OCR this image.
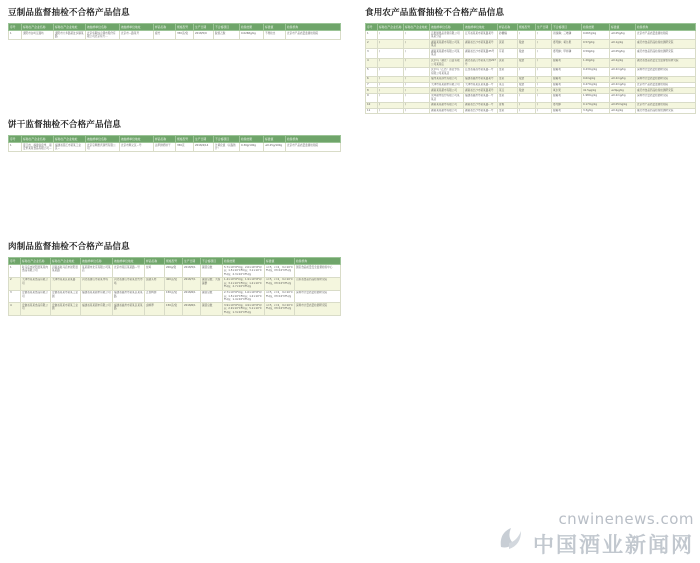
豆制品监督抽检不合格产品信息
序号	标称生产企业名称	标称生产企业地址	被抽样单位名称	被抽样单位地址	样品名称	规格型号	生产日期	不合格项目	检验结果	标准值	检验机构
1	溧阳市白岭豆腐坊	溧阳市大华路某处乡镇某路	北京华联综合超市股份有限公司北京东方...	北京市...路某号	腐竹	350克/袋	2018/5/9	脱氢乙酸	0.0268g/kg	不得检出	北京市产品质量监督检验院
饼干监督抽检不合格产品信息
序号	标称生产企业名称	标称生产企业地址	被抽样单位名称	被抽样单位地址	样品名称	规格型号	生产日期	不合格项目	检验结果	标准值	检验机构
1	晋江市、福建省泉州、南安市某某食品有限公司...	福建省晋江市某某工业区...	北京京顺惠宾商贸有限公司	北京市顺义区...号	法甲鲜奶饼干	350克	2018/4/14	过氧化值（以脂肪计）	0.30g/100g	≤0.25g/100g	北京市产品质量监督检验院
肉制品监督抽检不合格产品信息
序号	标称生产企业名称	标称生产企业地址	被抽样单位名称	被抽样单位地址	样品名称	规格型号	生产日期	不合格项目	检验结果	标准值	检验机构
1	驻马店市泌阳县某某肉食品有限公司	河南省驻马店市泌阳县某某路	某某超市北京有限公司某店	北京市某区某某路...号	烧鸡	200g/袋	2018/5/1	菌落总数	5.7×10⁴CFU/g；2.6×10⁴CFU/g；1.5×10⁴CFU/g；3.1×10⁴CFU/g；2.3×10⁴CFU/g	n=5，c=2，m=10⁴CFU/g，M=10⁵CFU/g	国家食品质量安全监督检验中心
2	天津市某某食品有限公司	天津市某某区某某路	河北省唐山市某某市场	河北省唐山市某某农贸市场	卤猪头肉	400克/袋	2018/7/1	菌落总数；大肠菌群	1.4×10⁶CFU/g；1.9×10⁵CFU/g；3.1×10⁵CFU/g；1.2×10⁵CFU/g；2.7×10⁵CFU/g	n=5，c=2，m=10⁴CFU/g，M=10⁵CFU/g	山东省食品药品检验研究院
3	安徽省某某食品有限公司	安徽省某某市某某工业园	福建省某某超市有限公司	福建省福州市某某区某某路	五香鸭翅	150克/袋	2018/6/1	菌落总数	2.7×10⁵CFU/g；1.6×10⁵CFU/g；1.5×10⁵CFU/g；1.2×10⁵CFU/g；1.4×10⁵CFU/g	n=5，c=2，m=10⁴CFU/g，M=10⁵CFU/g	深圳市计量质量检测研究院
4	安徽省某某食品有限公司	安徽省某某市某某工业园	福建省某某超市有限公司	福建省福州市某某区某某路	卤鸭脖	150克/袋	2018/6/1	菌落总数	3.9×10⁵CFU/g；4.9×10⁵CFU/g；2.9×10⁵CFU/g；5.1×10⁵CFU/g；1.3×10⁵CFU/g	n=5，c=2，m=10⁴CFU/g，M=10⁵CFU/g	深圳市计量质量检测研究院
食用农产品监督抽检不合格产品信息
序号	标称生产企业名称	标称生产企业地址	被抽样单位名称	被抽样单位地址	样品名称	规格型号	生产日期	不合格项目	检验结果	标准值	检验机构
1	/	/	百果园果品连锁有限公司某某分店	江苏省某某市某某路某号	砂糖橘	/	/	丙溴磷；三唑磷	0.067g/kg	≤0.05g/kg	北京市产品质量监督检验院
2	/	/	湖南某某超市有限公司某某店	湖南省长沙市某某路某号	菠菜	散装	/	毒死蜂；氧乐果	0.57g/kg	≤0.1g/kg	重庆市食品药品检验检测研究院
3	/	/	湖南某某超市有限公司某某店	湖南省长沙市某某路35号	芹菜	散装	/	毒死蜂；甲拌磷	0.59g/kg	≤0.05g/kg	重庆市食品药品检验检测研究院
4	/	/	沃尔玛（湖北）百货有限公司某某店	湖北省武汉市某某大道207号	菠菜	散装	/	腐霉利	1.20g/kg	≤0.2g/kg	湖北省食品质量安全监督检验研究院
5	/	/	沃尔玛（江西）商业零售有限公司某某店	江西省南昌市某某路...号	韭菜	/	/	腐霉利	0.43mg/kg	≤0.2mg/kg	深圳市计量质量检测研究院
6	/	/	福州某某商贸有限公司	福建省福州市某某路某号	韭菜	散装	/	腐霉利	0.6mg/kg	≤0.2mg/kg	深圳市计量质量检测研究院
7	/	/	天津市某某超市有限公司	天津市某某区某某路...号	菜豆	散装	/	腐霉利	0.47mg/kg	≤0.2mg/kg	北京市产品质量监督检验院
8	/	/	湖南某某超市有限公司	湖南省长沙市某某路某号	菜豆	散装	/	氧乐果	41.5μg/kg	≤20μg/kg	重庆市食品药品检验检测研究院
9	/	/	永辉超市股份有限公司某某店	福建省福州市某某路...号	韭菜	/	/	腐霉利	1.98mg/kg	≤0.2mg/kg	深圳市计量质量检测研究院
10	/	/	湖南某某超市有限公司	湖南省长沙市某某路...号	香蕉	/	/	毒死蜂	0.17mg/kg	≤0.05mg/kg	北京市产品质量监督检验院
11	/	/	湖南某某超市有限公司	湖南省长沙市某某路...号	韭菜	/	/	腐霉利	3.3g/kg	≤0.2g/kg	重庆市食品药品检验检测研究院
cnwinenews.com
中国酒业新闻网
